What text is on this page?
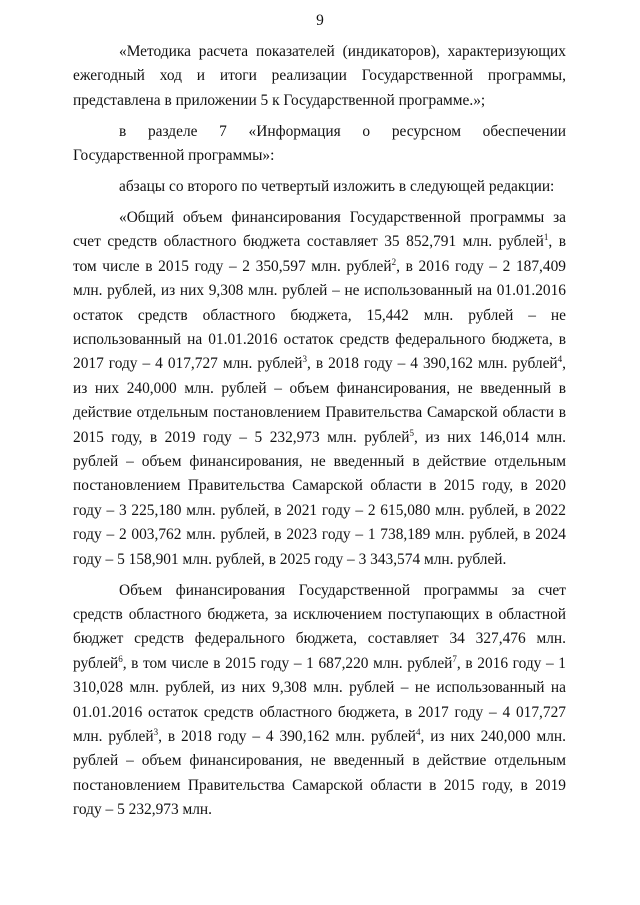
9

«Методика расчета показателей (индикаторов), характеризующих ежегодный ход и итоги реализации Государственной программы, представлена в приложении 5 к Государственной программе.»;

в разделе 7 «Информация о ресурсном обеспечении Государственной программы»:

абзацы со второго по четвертый изложить в следующей редакции:

«Общий объем финансирования Государственной программы за счет средств областного бюджета составляет 35 852,791 млн. рублей$^1$, в том числе в 2015 году – 2 350,597 млн. рублей$^2$, в 2016 году – 2 187,409 млн. рублей, из них 9,308 млн. рублей – не использованный на 01.01.2016 остаток средств областного бюджета, 15,442 млн. рублей – не использованный на 01.01.2016 остаток средств федерального бюджета, в 2017 году – 4 017,727 млн. рублей$^3$, в 2018 году – 4 390,162 млн. рублей$^4$, из них 240,000 млн. рублей – объем финансирования, не введенный в действие отдельным постановлением Правительства Самарской области в 2015 году, в 2019 году – 5 232,973 млн. рублей$^5$, из них 146,014 млн. рублей – объем финансирования, не введенный в действие отдельным постановлением Правительства Самарской области в 2015 году, в 2020 году – 3 225,180 млн. рублей, в 2021 году – 2 615,080 млн. рублей, в 2022 году – 2 003,762 млн. рублей, в 2023 году – 1 738,189 млн. рублей, в 2024 году – 5 158,901 млн. рублей, в 2025 году – 3 343,574 млн. рублей.

Объем финансирования Государственной программы за счет средств областного бюджета, за исключением поступающих в областной бюджет средств федерального бюджета, составляет 34 327,476 млн. рублей$^6$, в том числе в 2015 году – 1 687,220 млн. рублей$^7$, в 2016 году – 1 310,028 млн. рублей, из них 9,308 млн. рублей – не использованный на 01.01.2016 остаток средств областного бюджета, в 2017 году – 4 017,727 млн. рублей$^3$, в 2018 году – 4 390,162 млн. рублей$^4$, из них 240,000 млн. рублей – объем финансирования, не введенный в действие отдельным постановлением Правительства Самарской области в 2015 году, в 2019 году – 5 232,973 млн.
